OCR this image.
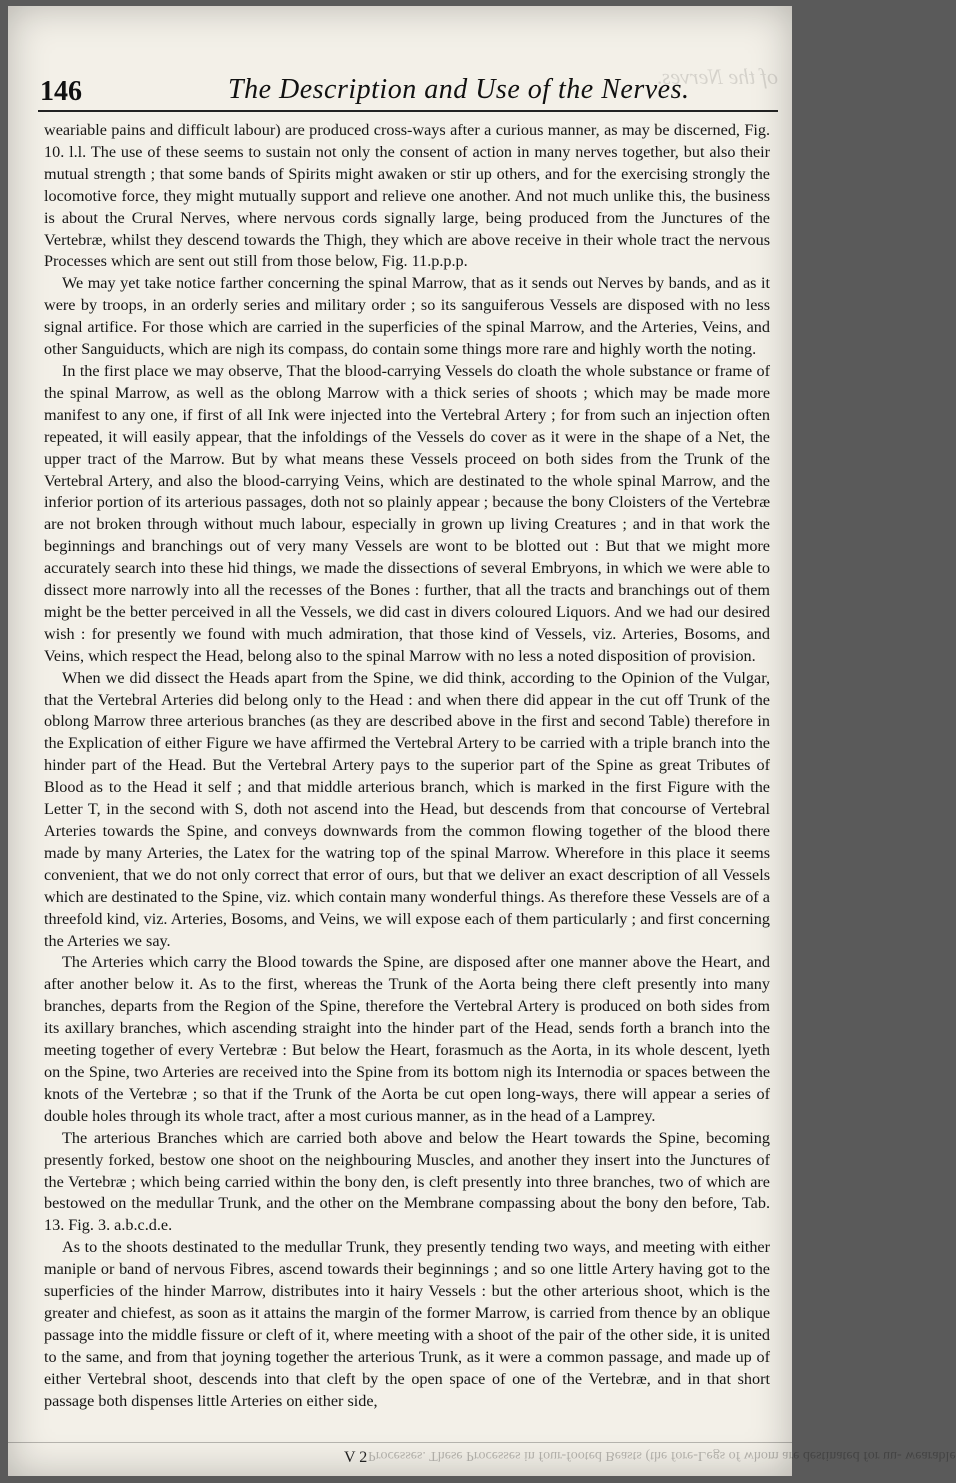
of the Nerves.
146	The Description and Use of the Nerves.

weariable pains and difficult labour) are produced cross-ways after a curious manner, as may be discerned, Fig. 10. l.l. The use of these seems to sustain not only the consent of action in many nerves together, but also their mutual strength ; that some bands of Spirits might awaken or stir up others, and for the exercising strongly the locomotive force, they might mutually support and relieve one another. And not much unlike this, the business is about the Crural Nerves, where nervous cords signally large, being produced from the Junctures of the Vertebræ, whilst they descend towards the Thigh, they which are above receive in their whole tract the nervous Processes which are sent out still from those below, Fig. 11.p.p.p.

We may yet take notice farther concerning the spinal Marrow, that as it sends out Nerves by bands, and as it were by troops, in an orderly series and military order ; so its sanguiferous Vessels are disposed with no less signal artifice. For those which are carried in the superficies of the spinal Marrow, and the Arteries, Veins, and other Sanguiducts, which are nigh its compass, do contain some things more rare and highly worth the noting.

In the first place we may observe, That the blood-carrying Vessels do cloath the whole substance or frame of the spinal Marrow, as well as the oblong Marrow with a thick series of shoots ; which may be made more manifest to any one, if first of all Ink were injected into the Vertebral Artery ; for from such an injection often repeated, it will easily appear, that the infoldings of the Vessels do cover as it were in the shape of a Net, the upper tract of the Marrow. But by what means these Vessels proceed on both sides from the Trunk of the Vertebral Artery, and also the blood-carrying Veins, which are destinated to the whole spinal Marrow, and the inferior portion of its arterious passages, doth not so plainly appear ; because the bony Cloisters of the Vertebræ are not broken through without much labour, especially in grown up living Creatures ; and in that work the beginnings and branchings out of very many Vessels are wont to be blotted out : But that we might more accurately search into these hid things, we made the dissections of several Embryons, in which we were able to dissect more narrowly into all the recesses of the Bones : further, that all the tracts and branchings out of them might be the better perceived in all the Vessels, we did cast in divers coloured Liquors. And we had our desired wish : for presently we found with much admiration, that those kind of Vessels, viz. Arteries, Bosoms, and Veins, which respect the Head, belong also to the spinal Marrow with no less a noted disposition of provision.

When we did dissect the Heads apart from the Spine, we did think, according to the Opinion of the Vulgar, that the Vertebral Arteries did belong only to the Head : and when there did appear in the cut off Trunk of the oblong Marrow three arterious branches (as they are described above in the first and second Table) therefore in the Explication of either Figure we have affirmed the Vertebral Artery to be carried with a triple branch into the hinder part of the Head. But the Vertebral Artery pays to the superior part of the Spine as great Tributes of Blood as to the Head it self ; and that middle arterious branch, which is marked in the first Figure with the Letter T, in the second with S, doth not ascend into the Head, but descends from that concourse of Vertebral Arteries towards the Spine, and conveys downwards from the common flowing together of the blood there made by many Arteries, the Latex for the watring top of the spinal Marrow. Wherefore in this place it seems convenient, that we do not only correct that error of ours, but that we deliver an exact description of all Vessels which are destinated to the Spine, viz. which contain many wonderful things. As therefore these Vessels are of a threefold kind, viz. Arteries, Bosoms, and Veins, we will expose each of them particularly ; and first concerning the Arteries we say.

The Arteries which carry the Blood towards the Spine, are disposed after one manner above the Heart, and after another below it. As to the first, whereas the Trunk of the Aorta being there cleft presently into many branches, departs from the Region of the Spine, therefore the Vertebral Artery is produced on both sides from its axillary branches, which ascending straight into the hinder part of the Head, sends forth a branch into the meeting together of every Vertebræ : But below the Heart, forasmuch as the Aorta, in its whole descent, lyeth on the Spine, two Arteries are received into the Spine from its bottom nigh its Internodia or spaces between the knots of the Vertebræ ; so that if the Trunk of the Aorta be cut open long-ways, there will appear a series of double holes through its whole tract, after a most curious manner, as in the head of a Lamprey.

The arterious Branches which are carried both above and below the Heart towards the Spine, becoming presently forked, bestow one shoot on the neighbouring Muscles, and another they insert into the Junctures of the Vertebræ ; which being carried within the bony den, is cleft presently into three branches, two of which are bestowed on the medullar Trunk, and the other on the Membrane compassing about the bony den before, Tab. 13. Fig. 3. a.b.c.d.e.

As to the shoots destinated to the medullar Trunk, they presently tending two ways, and meeting with either maniple or band of nervous Fibres, ascend towards their beginnings ; and so one little Artery having got to the superficies of the hinder Marrow, distributes into it hairy Vessels : but the other arterious shoot, which is the greater and chiefest, as soon as it attains the margin of the former Marrow, is carried from thence by an oblique passage into the middle fissure or cleft of it, where meeting with a shoot of the pair of the other side, it is united to the same, and from that joyning together the arterious Trunk, as it were a common passage, and made up of either Vertebral shoot, descends into that cleft by the open space of one of the Vertebræ, and in that short passage both dispenses little Arteries on either side,

Processes. These Processes in four-footed Beasts (the fore-Legs of whom are destinated for uu- wearable
V 2
